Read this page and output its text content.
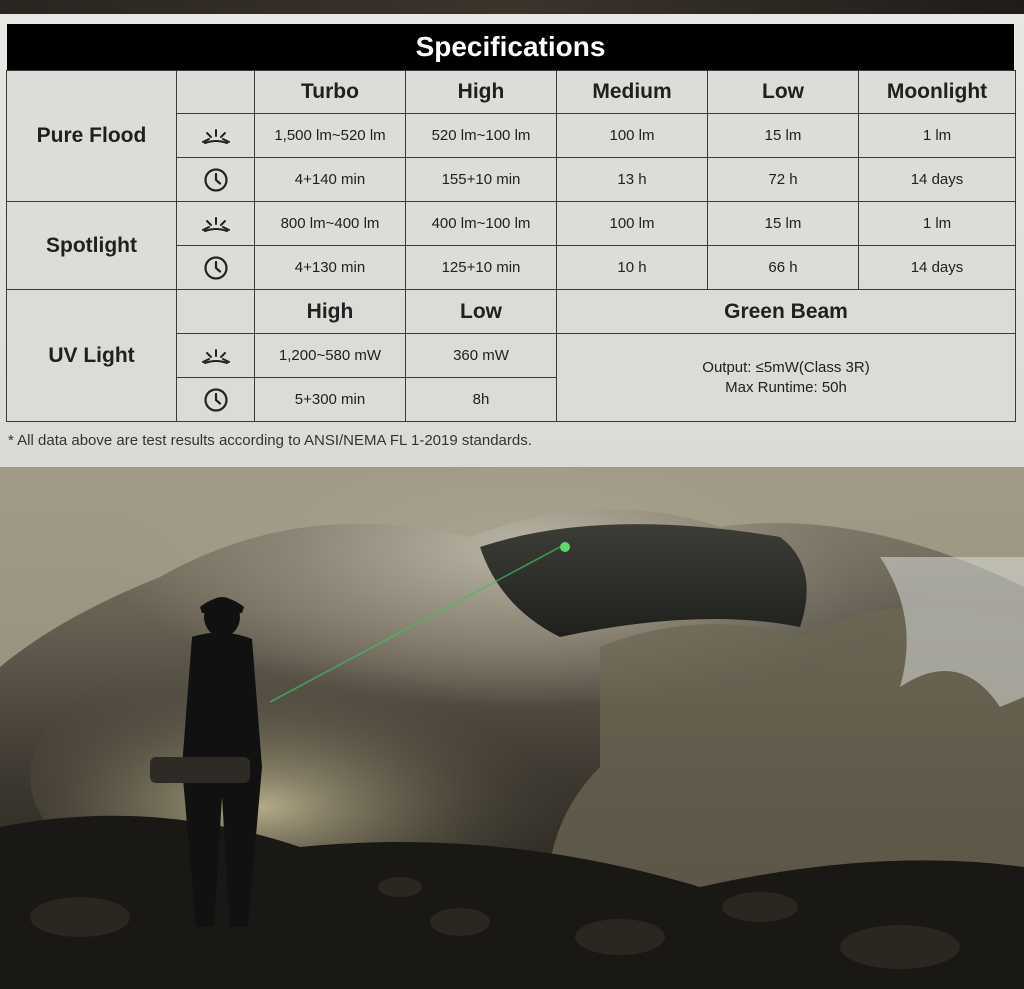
Specifications
Pure Flood		Turbo	High	Medium	Low	Moonlight

	1,500 lm~520 lm	520 lm~100 lm	100 lm	15 lm	1 lm

	4+140 min	155+10 min	13 h	72 h	14 days
Spotlight		800 lm~400 lm	400 lm~100 lm	100 lm	15 lm	1 lm

	4+130 min	125+10 min	10 h	66 h	14 days
UV Light		High	Low	Green Beam		

	1,200~580 mW	360 mW	Output: ≤5mW(Class 3R)
Max Runtime: 50h		

	5+300 min	8h			
* All data above are test results according to ANSI/NEMA FL 1-2019 standards.
